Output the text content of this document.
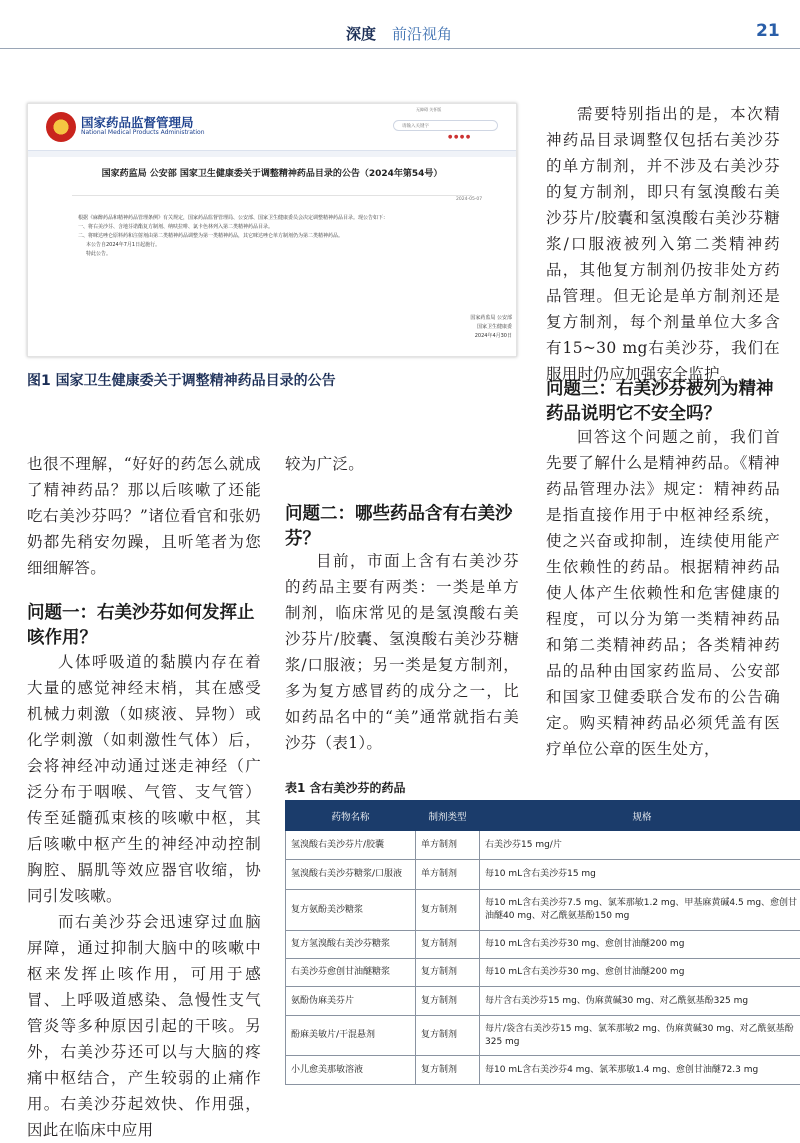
深度 前沿视角	21
国家药品监督管理局
National Medical Products Administration
无障碍 关怀版
请输入关键字
● ● ● ●
国家药监局 公安部 国家卫生健康委关于调整精神药品目录的公告（2024年第54号）
2024-05-07

根据《麻醉药品和精神药品管理条例》有关规定，国家药品监督管理局、公安部、国家卫生健康委员会决定调整精神药品目录。现公告如下：

一、将右美沙芬、含地芬诺酯复方制剂、纳呋拉啡、氯卡色林列入第二类精神药品目录。

二、将咪达唑仑原料药和注射剂由第二类精神药品调整为第一类精神药品，其它咪达唑仑单方制剂仍为第二类精神药品。

本公告自2024年7月1日起施行。

特此公告。

国家药监局 公安部
国家卫生健康委
2024年4月30日
图1 国家卫生健康委关于调整精神药品目录的公告

也很不理解，“好好的药怎么就成了精神药品？那以后咳嗽了还能吃右美沙芬吗？”诸位看官和张奶奶都先稍安勿躁，且听笔者为您细细解答。

问题一：右美沙芬如何发挥止咳作用？

人体呼吸道的黏膜内存在着大量的感觉神经末梢，其在感受机械力刺激（如痰液、异物）或化学刺激（如刺激性气体）后，会将神经冲动通过迷走神经（广泛分布于咽喉、气管、支气管）传至延髓孤束核的咳嗽中枢，其后咳嗽中枢产生的神经冲动控制胸腔、膈肌等效应器官收缩，协同引发咳嗽。

而右美沙芬会迅速穿过血脑屏障，通过抑制大脑中的咳嗽中枢来发挥止咳作用，可用于感冒、上呼吸道感染、急慢性支气管炎等多种原因引起的干咳。另外，右美沙芬还可以与大脑的疼痛中枢结合，产生较弱的止痛作用。右美沙芬起效快、作用强，因此在临床中应用

较为广泛。

问题二：哪些药品含有右美沙芬？

目前，市面上含有右美沙芬的药品主要有两类：一类是单方制剂，临床常见的是氢溴酸右美沙芬片/胶囊、氢溴酸右美沙芬糖浆/口服液；另一类是复方制剂，多为复方感冒药的成分之一，比如药品名中的“美”通常就指右美沙芬（表1）。

需要特别指出的是，本次精神药品目录调整仅包括右美沙芬的单方制剂，并不涉及右美沙芬的复方制剂，即只有氢溴酸右美沙芬片/胶囊和氢溴酸右美沙芬糖浆/口服液被列入第二类精神药品，其他复方制剂仍按非处方药品管理。但无论是单方制剂还是复方制剂，每个剂量单位大多含有15~30 mg右美沙芬，我们在服用时仍应加强安全监护。

问题三：右美沙芬被列为精神药品说明它不安全吗？

回答这个问题之前，我们首先要了解什么是精神药品。《精神药品管理办法》规定：精神药品是指直接作用于中枢神经系统，使之兴奋或抑制，连续使用能产生依赖性的药品。根据精神药品使人体产生依赖性和危害健康的程度，可以分为第一类精神药品和第二类精神药品；各类精神药品的品种由国家药监局、公安部和国家卫健委联合发布的公告确定。购买精神药品必须凭盖有医疗单位公章的医生处方，

表1 含右美沙芬的药品
药物名称	制剂类型	规格
氢溴酸右美沙芬片/胶囊	单方制剂	右美沙芬15 mg/片
氢溴酸右美沙芬糖浆/口服液	单方制剂	每10 mL含右美沙芬15 mg
复方氨酚美沙糖浆	复方制剂	每10 mL含右美沙芬7.5 mg、氯苯那敏1.2 mg、甲基麻黄碱4.5 mg、愈创甘油醚40 mg、对乙酰氨基酚150 mg
复方氢溴酸右美沙芬糖浆	复方制剂	每10 mL含右美沙芬30 mg、愈创甘油醚200 mg
右美沙芬愈创甘油醚糖浆	复方制剂	每10 mL含右美沙芬30 mg、愈创甘油醚200 mg
氨酚伪麻美芬片	复方制剂	每片含右美沙芬15 mg、伪麻黄碱30 mg、对乙酰氨基酚325 mg
酚麻美敏片/干混悬剂	复方制剂	每片/袋含右美沙芬15 mg、氯苯那敏2 mg、伪麻黄碱30 mg、对乙酰氨基酚325 mg
小儿愈美那敏溶液	复方制剂	每10 mL含右美沙芬4 mg、氯苯那敏1.4 mg、愈创甘油醚72.3 mg
